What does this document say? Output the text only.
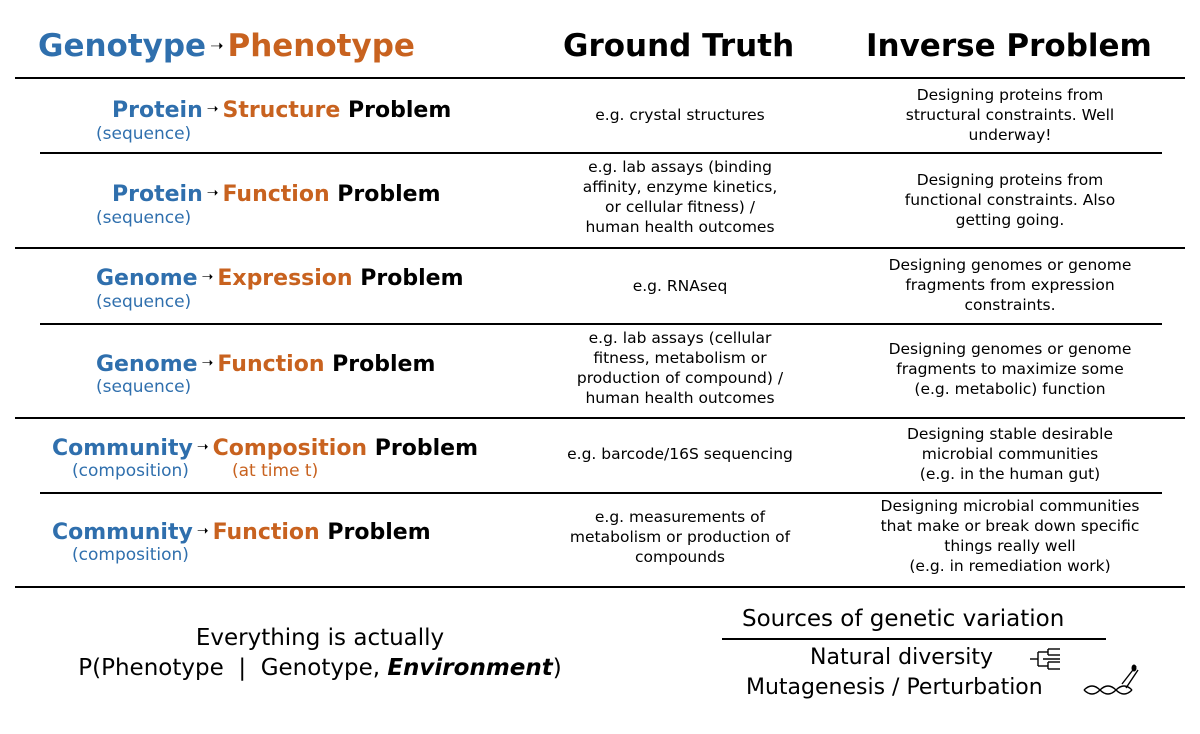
Genotype ➝ Phenotype	Ground Truth Inverse Problem
Protein ➝ Structure Problem
(sequence)
e.g. crystal structures
Designing proteins from
structural constraints. Well
underway!
Protein ➝ Function Problem
(sequence)
e.g. lab assays (binding
affinity, enzyme kinetics,
or cellular fitness) /
human health outcomes
Designing proteins from
functional constraints. Also
getting going.
Genome ➝ Expression Problem
(sequence)
e.g. RNAseq
Designing genomes or genome
fragments from expression
constraints.
Genome ➝ Function Problem
(sequence)
e.g. lab assays (cellular
fitness, metabolism or
production of compound) /
human health outcomes
Designing genomes or genome
fragments to maximize some
(e.g. metabolic) function
Community ➝ Composition Problem
(composition)	(at time t)
e.g. barcode/16S sequencing
Designing stable desirable
microbial communities
(e.g. in the human gut)
Community ➝ Function Problem
(composition)
e.g. measurements of
metabolism or production of
compounds
Designing microbial communities
that make or break down specific
things really well
(e.g. in remediation work)
Everything is actually
P(Phenotype  |  Genotype, Environment)
Sources of genetic variation
Natural diversity
Mutagenesis / Perturbation
